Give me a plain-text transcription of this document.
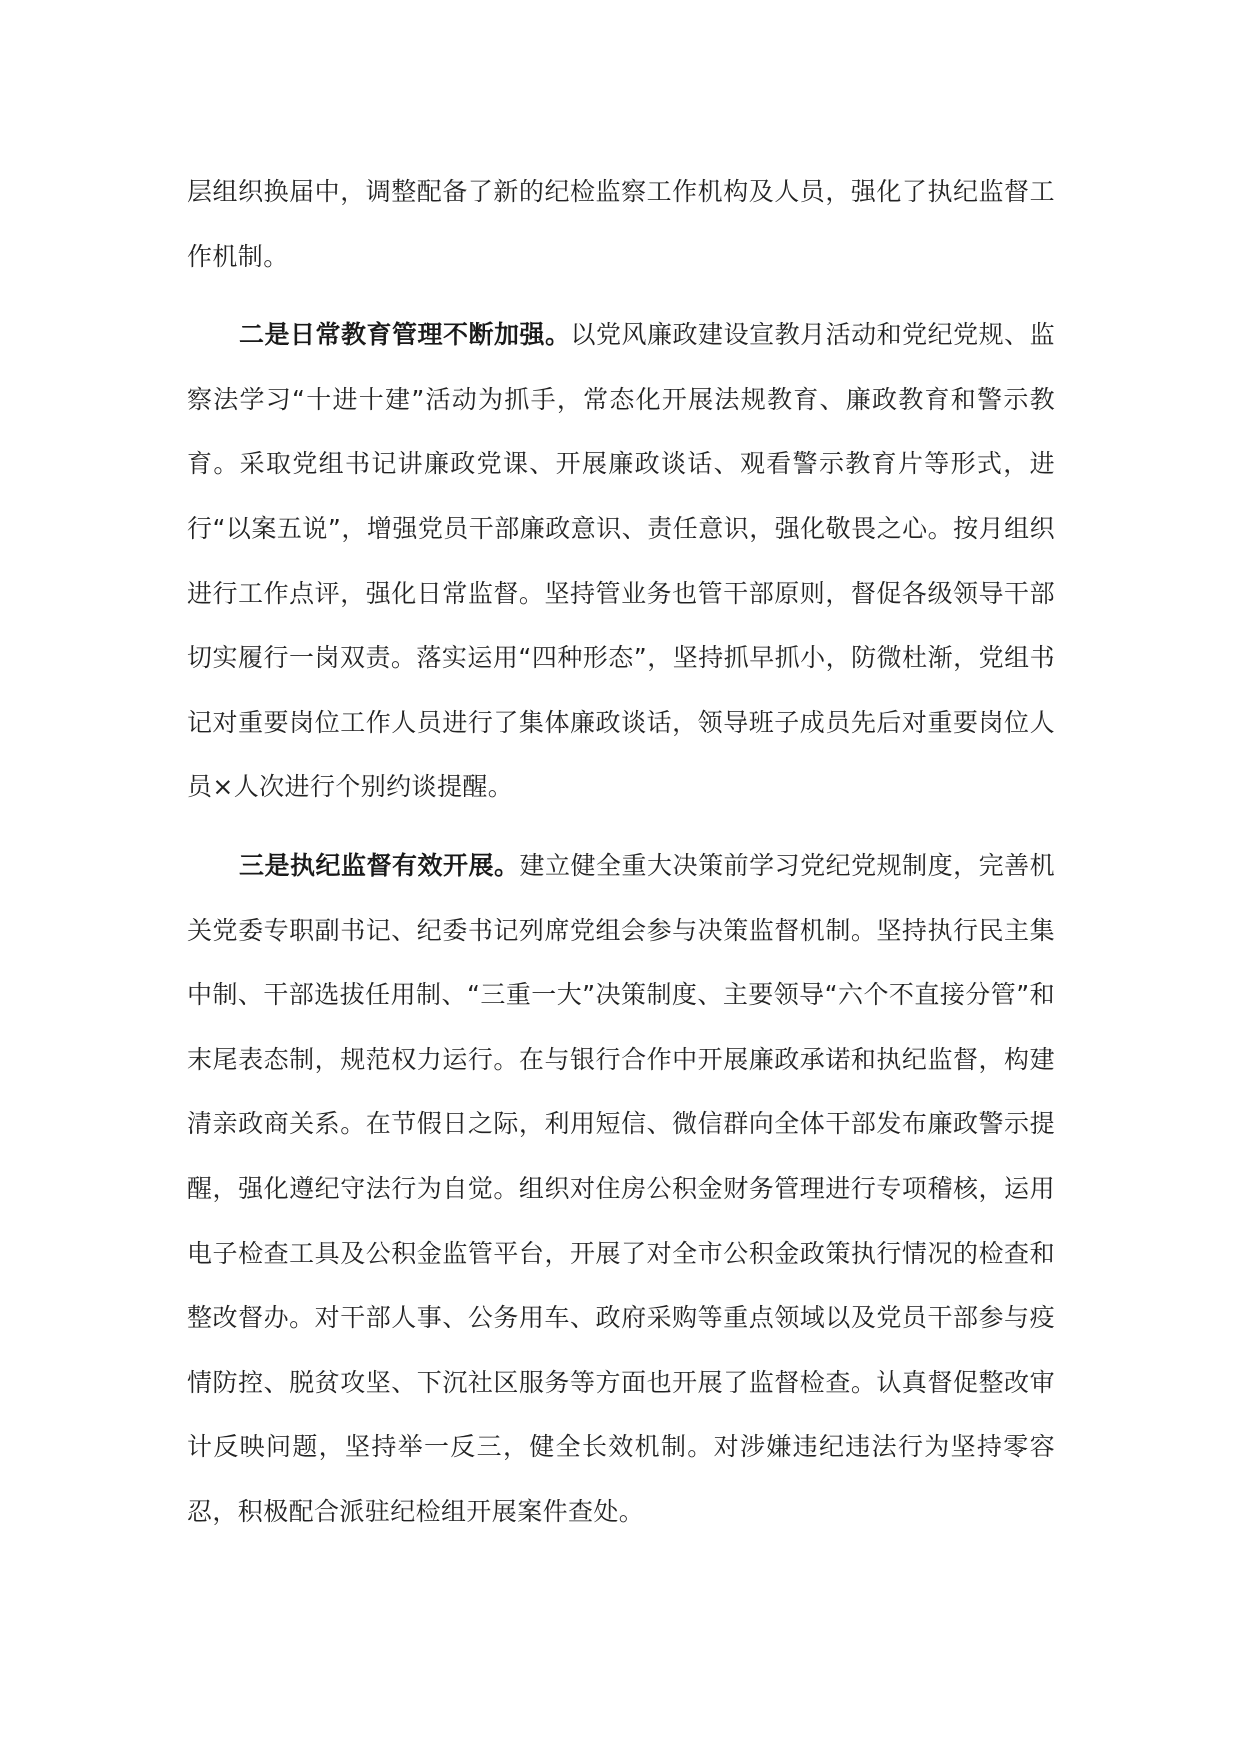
层组织换届中，调整配备了新的纪检监察工作机构及人员，强化了执纪监督工作机制。

二是日常教育管理不断加强。以党风廉政建设宣教月活动和党纪党规、监察法学习“十进十建”活动为抓手，常态化开展法规教育、廉政教育和警示教育。采取党组书记讲廉政党课、开展廉政谈话、观看警示教育片等形式，进行“以案五说”，增强党员干部廉政意识、责任意识，强化敬畏之心。按月组织进行工作点评，强化日常监督。坚持管业务也管干部原则，督促各级领导干部切实履行一岗双责。落实运用“四种形态”，坚持抓早抓小，防微杜渐，党组书记对重要岗位工作人员进行了集体廉政谈话，领导班子成员先后对重要岗位人员×人次进行个别约谈提醒。

三是执纪监督有效开展。建立健全重大决策前学习党纪党规制度，完善机关党委专职副书记、纪委书记列席党组会参与决策监督机制。坚持执行民主集中制、干部选拔任用制、“三重一大”决策制度、主要领导“六个不直接分管”和末尾表态制，规范权力运行。在与银行合作中开展廉政承诺和执纪监督，构建清亲政商关系。在节假日之际，利用短信、微信群向全体干部发布廉政警示提醒，强化遵纪守法行为自觉。组织对住房公积金财务管理进行专项稽核，运用电子检查工具及公积金监管平台，开展了对全市公积金政策执行情况的检查和整改督办。对干部人事、公务用车、政府采购等重点领域以及党员干部参与疫情防控、脱贫攻坚、下沉社区服务等方面也开展了监督检查。认真督促整改审计反映问题，坚持举一反三，健全长效机制。对涉嫌违纪违法行为坚持零容忍，积极配合派驻纪检组开展案件查处。
